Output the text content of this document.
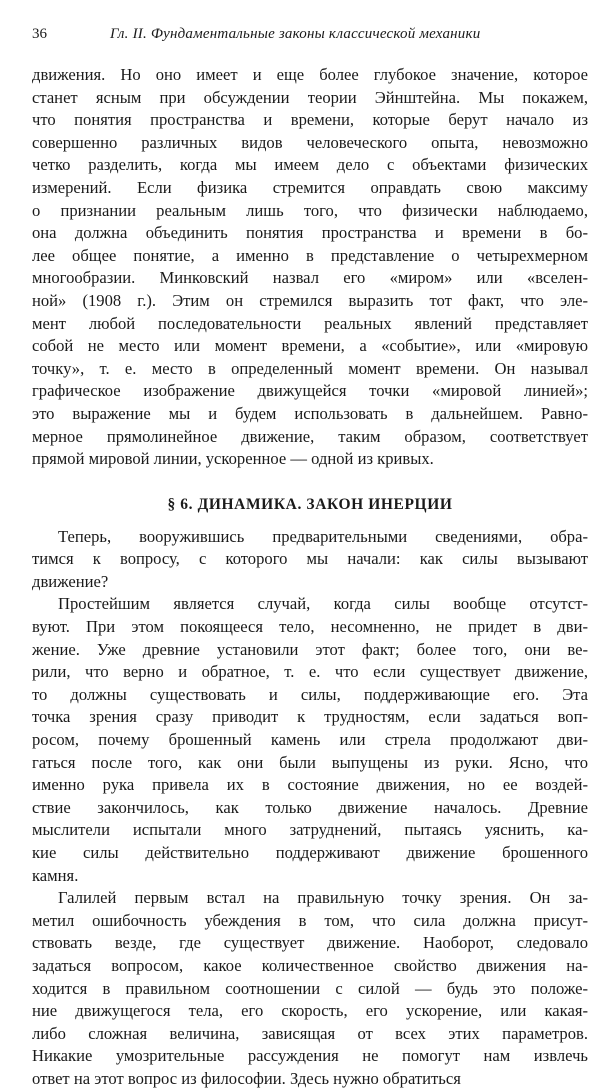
36	Гл. II. Фундаментальные законы классической механики
движения. Но оно имеет и еще более глубокое значение, которое
станет ясным при обсуждении теории Эйнштейна. Мы покажем,
что понятия пространства и времени, которые берут начало из
совершенно различных видов человеческого опыта, невозможно
четко разделить, когда мы имеем дело с объектами физических
измерений. Если физика стремится оправдать свою максиму
о признании реальным лишь того, что физически наблюдаемо,
она должна объединить понятия пространства и времени в бо-
лее общее понятие, а именно в представление о четырехмерном
многообразии. Минковский назвал его «миром» или «вселен-
ной» (1908 г.). Этим он стремился выразить тот факт, что эле-
мент любой последовательности реальных явлений представляет
собой не место или момент времени, а «событие», или «мировую
точку», т. е. место в определенный момент времени. Он называл
графическое изображение движущейся точки «мировой линией»;
это выражение мы и будем использовать в дальнейшем. Равно-
мерное прямолинейное движение, таким образом, соответствует
прямой мировой линии, ускоренное — одной из кривых.
§ 6. ДИНАМИКА. ЗАКОН ИНЕРЦИИ
Теперь, вооружившись предварительными сведениями, обра-
тимся к вопросу, с которого мы начали: как силы вызывают
движение?
Простейшим является случай, когда силы вообще отсутст-
вуют. При этом покоящееся тело, несомненно, не придет в дви-
жение. Уже древние установили этот факт; более того, они ве-
рили, что верно и обратное, т. е. что если существует движение,
то должны существовать и силы, поддерживающие его. Эта
точка зрения сразу приводит к трудностям, если задаться воп-
росом, почему брошенный камень или стрела продолжают дви-
гаться после того, как они были выпущены из руки. Ясно, что
именно рука привела их в состояние движения, но ее воздей-
ствие закончилось, как только движение началось. Древние
мыслители испытали много затруднений, пытаясь уяснить, ка-
кие силы действительно поддерживают движение брошенного
камня.
Галилей первым встал на правильную точку зрения. Он за-
метил ошибочность убеждения в том, что сила должна присут-
ствовать везде, где существует движение. Наоборот, следовало
задаться вопросом, какое количественное свойство движения на-
ходится в правильном соотношении с силой — будь это положе-
ние движущегося тела, его скорость, его ускорение, или какая-
либо сложная величина, зависящая от всех этих параметров.
Никакие умозрительные рассуждения не помогут нам извлечь
ответ на этот вопрос из философии. Здесь нужно обратиться
